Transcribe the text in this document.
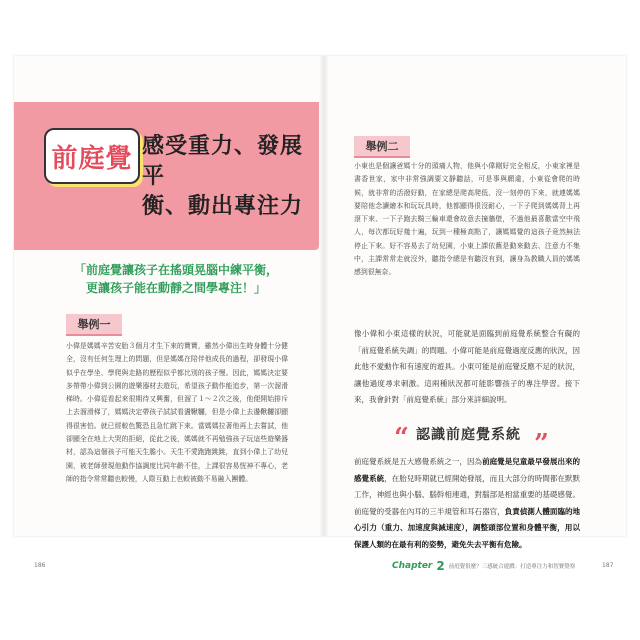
前庭覺 感受重力、發展平
衡、動出專注力
「前庭覺讓孩子在搖頭晃腦中練平衡，
更讓孩子能在動靜之間學專注！」
舉例一

小偉是媽媽辛苦安胎３個月才生下來的寶寶，雖然小偉出生時身體十分健全，沒有任何生理上的問題，但是媽媽在陪伴他成長的過程，卻發現小偉似乎在學坐、學爬與走路的歷程似乎都比別的孩子慢。因此，媽媽決定要多帶帶小偉到公園的遊樂器材去遊玩，希望孩子動作能追步，第一次溜滑梯時。小偉從看起來很期待又興奮，但溜了１～２次之後，他便開始排斥上去溜滑梯了，媽媽決定帶孩子試試看盪鞦韆，但是小偉上去盪鞦韆卻顯得很害怕。就已經較色驚恐且急忙跳下來。當媽媽拉著他再上去嘗試，他卻顯全在地上大哭的拒絕，從此之後，媽媽就不再勉強孩子玩這些遊樂器材，認為這個孩子可能天生膽小。天生不愛跑跑跳跳，直到小偉上了幼兒園，被老師發現他動作協調度比同年齡不佳，上課很容易恍神不專心，老師的指令常常聽也較慢，人際互動上也較被動不易融入團體。

186
舉例二

小東也是個讓爸媽十分的頭痛人物，他與小偉剛好完全相反，小東家裡是書香世家，家中非常強調要文靜聽話，可是事與願違，小東從會爬的時候，就非常的活潑好動，在家總是爬高爬低、沒一刻停的下來，就連媽媽要陪他念讀繪本和玩玩具時，他都顯得很沒耐心，一下子爬到媽媽背上再滾下來、一下子跑去騎三輪車還會故意去撞牆壁，不過他最喜歡當空中飛人，每次都玩好幾十遍，玩到一種極高點了，讓媽媽覺的這孩子竟然無法停止下來。好不容易去了幼兒園，小東上課依舊是動來動去、注意力不集中，主課常常走就沒外，聽指令總是有聽沒有到，讓身為教職人員的媽媽感到很無奈。

像小偉和小東這樣的狀況，可能就是面臨到前庭覺系統整合有礙的「前庭覺系統失調」的問題。小偉可能是前庭覺過度反應的狀況，因此他不愛動作和有速度的遊具。小東可能是前庭覺反應不足的狀況，讓他過度尋求刺激。這兩種狀況都可能影響孩子的專注學習。接下來，我會針對「前庭覺系統」部分來詳細說明。

“ 認識前庭覺系統 ”

前庭覺系統是五大感覺系統之一，因為前庭覺是兒童最早發展出來的感覺系統，在胎兒時期就已經開始發展，而且大部分的時間都在默默工作，神經也與小腦、腦幹相連通，對腦部是相當重要的基礎感覺。前庭覺的受器在內耳的三半規管和耳石器官，負責偵測人體面臨的地心引力（重力、加速度與減速度），調整頭部位置和身體平衡，用以保護人類的在最有利的姿勢，避免失去平衡有危險。

Chapter 2 前庭覺很麼？三感統合遊戲：打造專注力和智寶覺察	187
